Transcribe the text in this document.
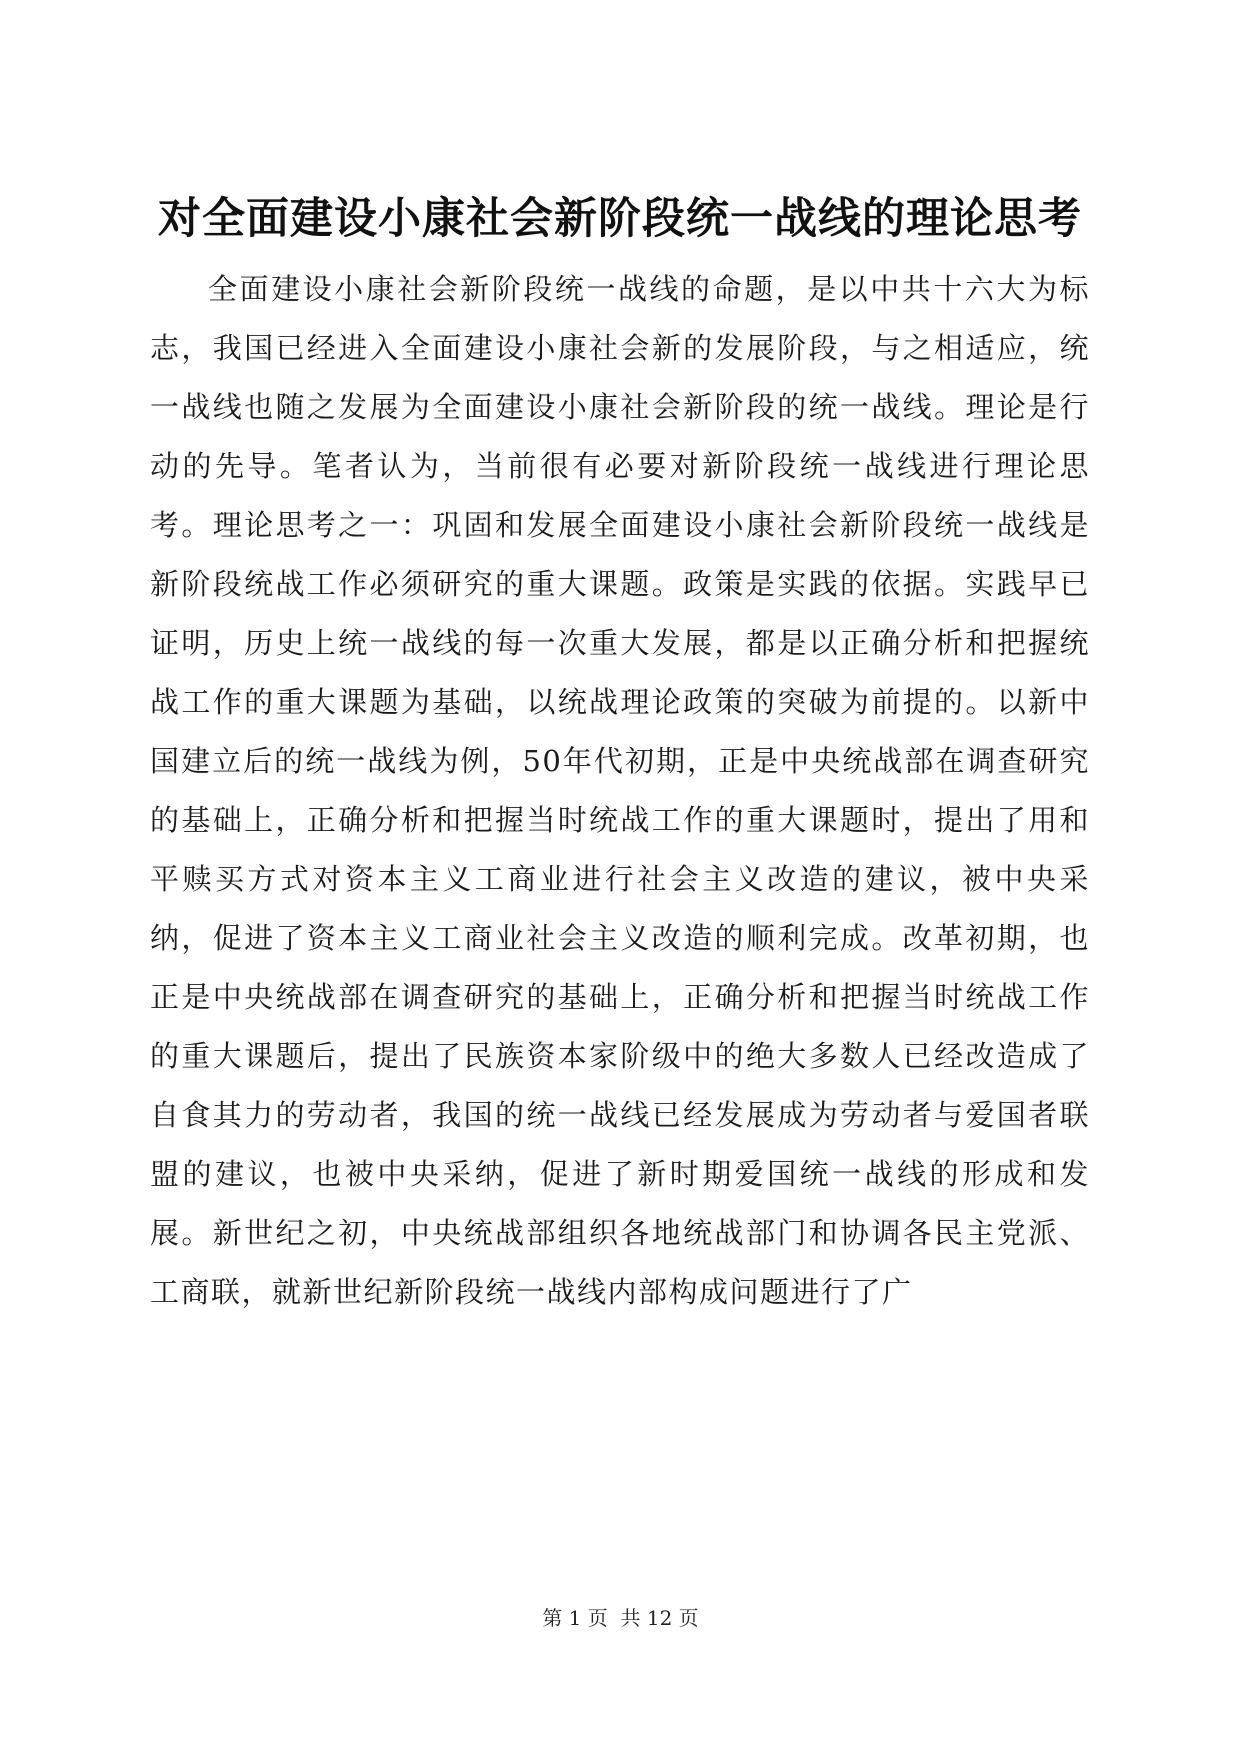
对全面建设小康社会新阶段统一战线的理论思考

全面建设小康社会新阶段统一战线的命题，是以中共十六大为标志，我国已经进入全面建设小康社会新的发展阶段，与之相适应，统一战线也随之发展为全面建设小康社会新阶段的统一战线。理论是行动的先导。笔者认为，当前很有必要对新阶段统一战线进行理论思考。理论思考之一：巩固和发展全面建设小康社会新阶段统一战线是新阶段统战工作必须研究的重大课题。政策是实践的依据。实践早已证明，历史上统一战线的每一次重大发展，都是以正确分析和把握统战工作的重大课题为基础，以统战理论政策的突破为前提的。以新中国建立后的统一战线为例，50年代初期，正是中央统战部在调查研究的基础上，正确分析和把握当时统战工作的重大课题时，提出了用和平赎买方式对资本主义工商业进行社会主义改造的建议，被中央采纳，促进了资本主义工商业社会主义改造的顺利完成。改革初期，也正是中央统战部在调查研究的基础上，正确分析和把握当时统战工作的重大课题后，提出了民族资本家阶级中的绝大多数人已经改造成了自食其力的劳动者，我国的统一战线已经发展成为劳动者与爱国者联盟的建议，也被中央采纳，促进了新时期爱国统一战线的形成和发展。新世纪之初，中央统战部组织各地统战部门和协调各民主党派、工商联，就新世纪新阶段统一战线内部构成问题进行了广

第 1 页 共 12 页
